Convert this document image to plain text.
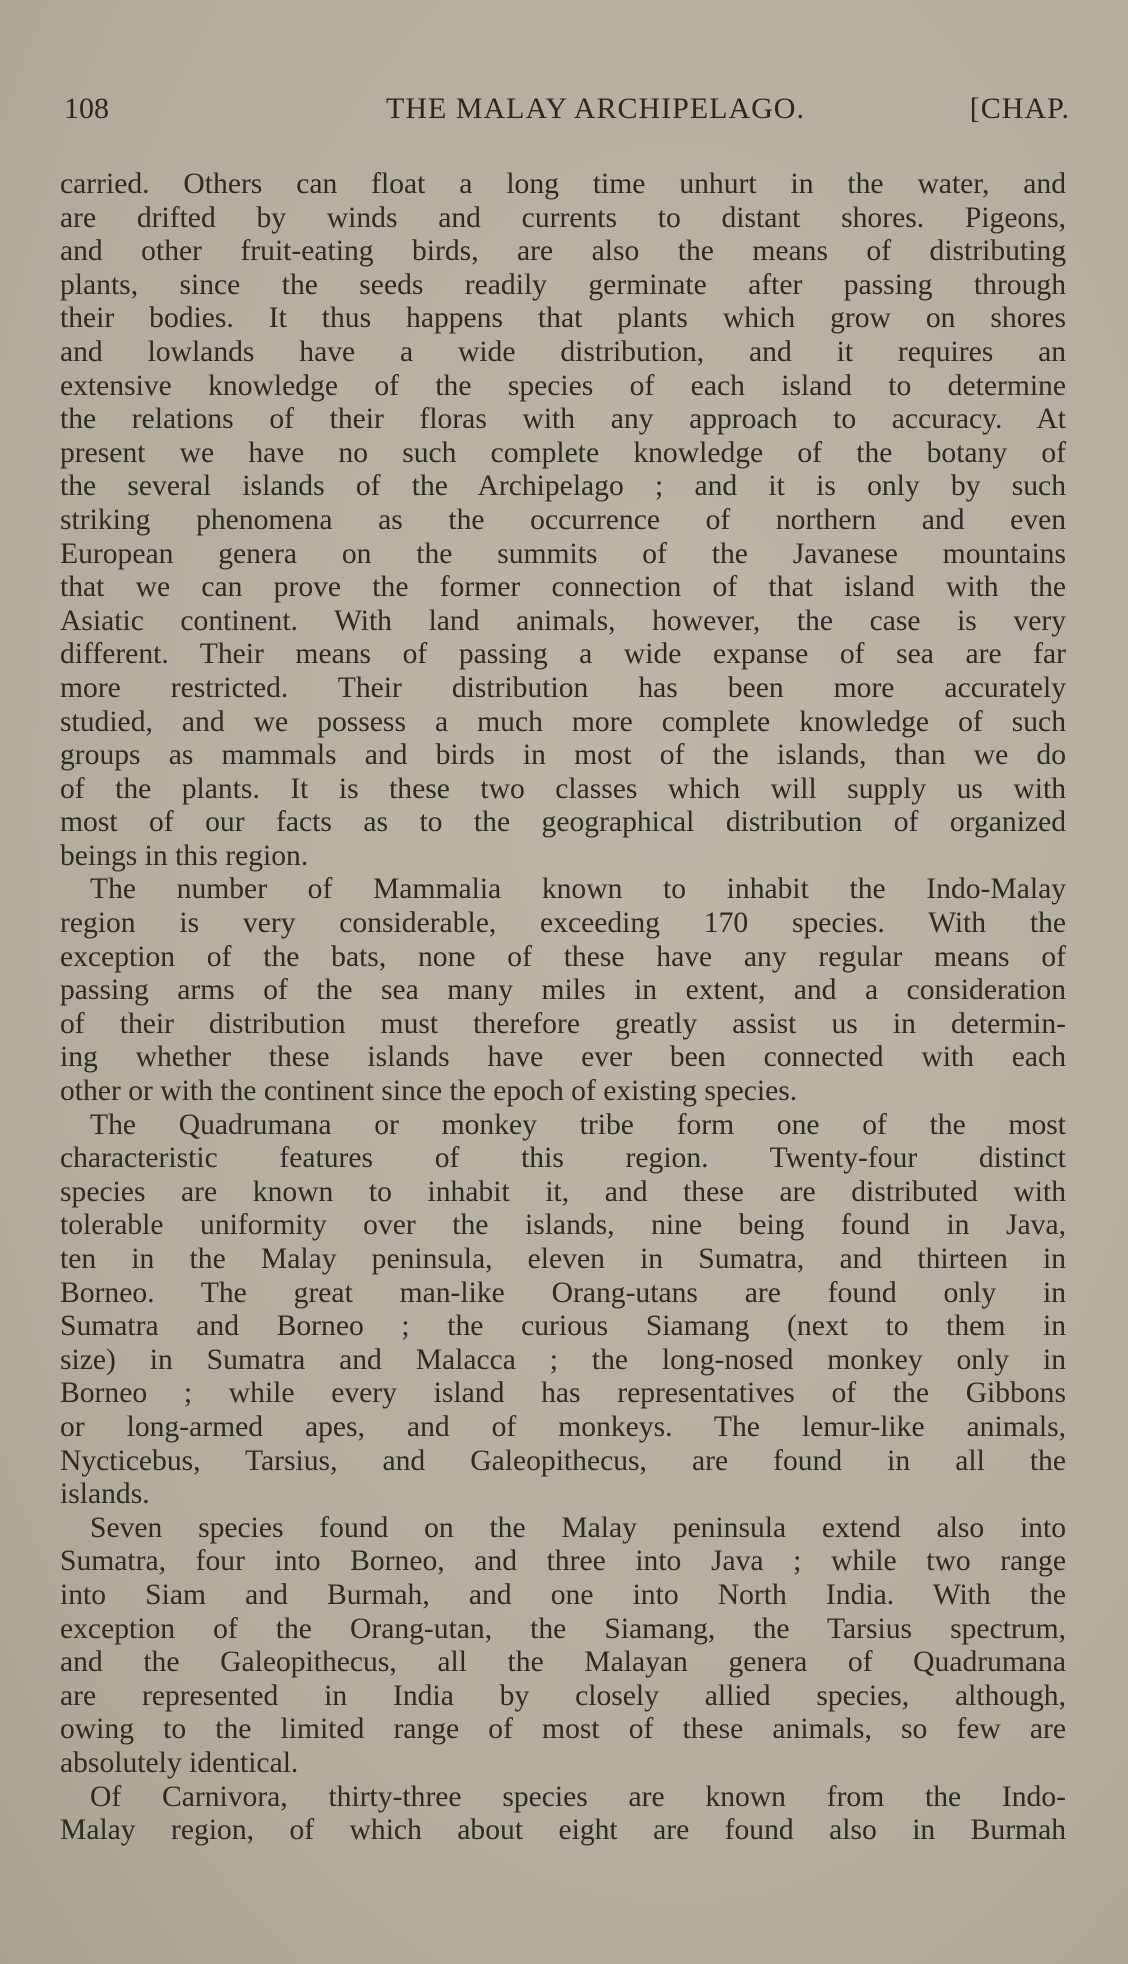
108	THE MALAY ARCHIPELAGO.	[CHAP.
carried. Others can float a long time unhurt in the water, and
are drifted by winds and currents to distant shores. Pigeons,
and other fruit-eating birds, are also the means of distributing
plants, since the seeds readily germinate after passing through
their bodies. It thus happens that plants which grow on shores
and lowlands have a wide distribution, and it requires an
extensive knowledge of the species of each island to determine
the relations of their floras with any approach to accuracy. At
present we have no such complete knowledge of the botany of
the several islands of the Archipelago ; and it is only by such
striking phenomena as the occurrence of northern and even
European genera on the summits of the Javanese mountains
that we can prove the former connection of that island with the
Asiatic continent. With land animals, however, the case is very
different. Their means of passing a wide expanse of sea are far
more restricted. Their distribution has been more accurately
studied, and we possess a much more complete knowledge of such
groups as mammals and birds in most of the islands, than we do
of the plants. It is these two classes which will supply us with
most of our facts as to the geographical distribution of organized
beings in this region.
The number of Mammalia known to inhabit the Indo-Malay
region is very considerable, exceeding 170 species. With the
exception of the bats, none of these have any regular means of
passing arms of the sea many miles in extent, and a consideration
of their distribution must therefore greatly assist us in determin-
ing whether these islands have ever been connected with each
other or with the continent since the epoch of existing species.
The Quadrumana or monkey tribe form one of the most
characteristic features of this region. Twenty-four distinct
species are known to inhabit it, and these are distributed with
tolerable uniformity over the islands, nine being found in Java,
ten in the Malay peninsula, eleven in Sumatra, and thirteen in
Borneo. The great man-like Orang-utans are found only in
Sumatra and Borneo ; the curious Siamang (next to them in
size) in Sumatra and Malacca ; the long-nosed monkey only in
Borneo ; while every island has representatives of the Gibbons
or long-armed apes, and of monkeys. The lemur-like animals,
Nycticebus, Tarsius, and Galeopithecus, are found in all the
islands.
Seven species found on the Malay peninsula extend also into
Sumatra, four into Borneo, and three into Java ; while two range
into Siam and Burmah, and one into North India. With the
exception of the Orang-utan, the Siamang, the Tarsius spectrum,
and the Galeopithecus, all the Malayan genera of Quadrumana
are represented in India by closely allied species, although,
owing to the limited range of most of these animals, so few are
absolutely identical.
Of Carnivora, thirty-three species are known from the Indo-
Malay region, of which about eight are found also in Burmah
